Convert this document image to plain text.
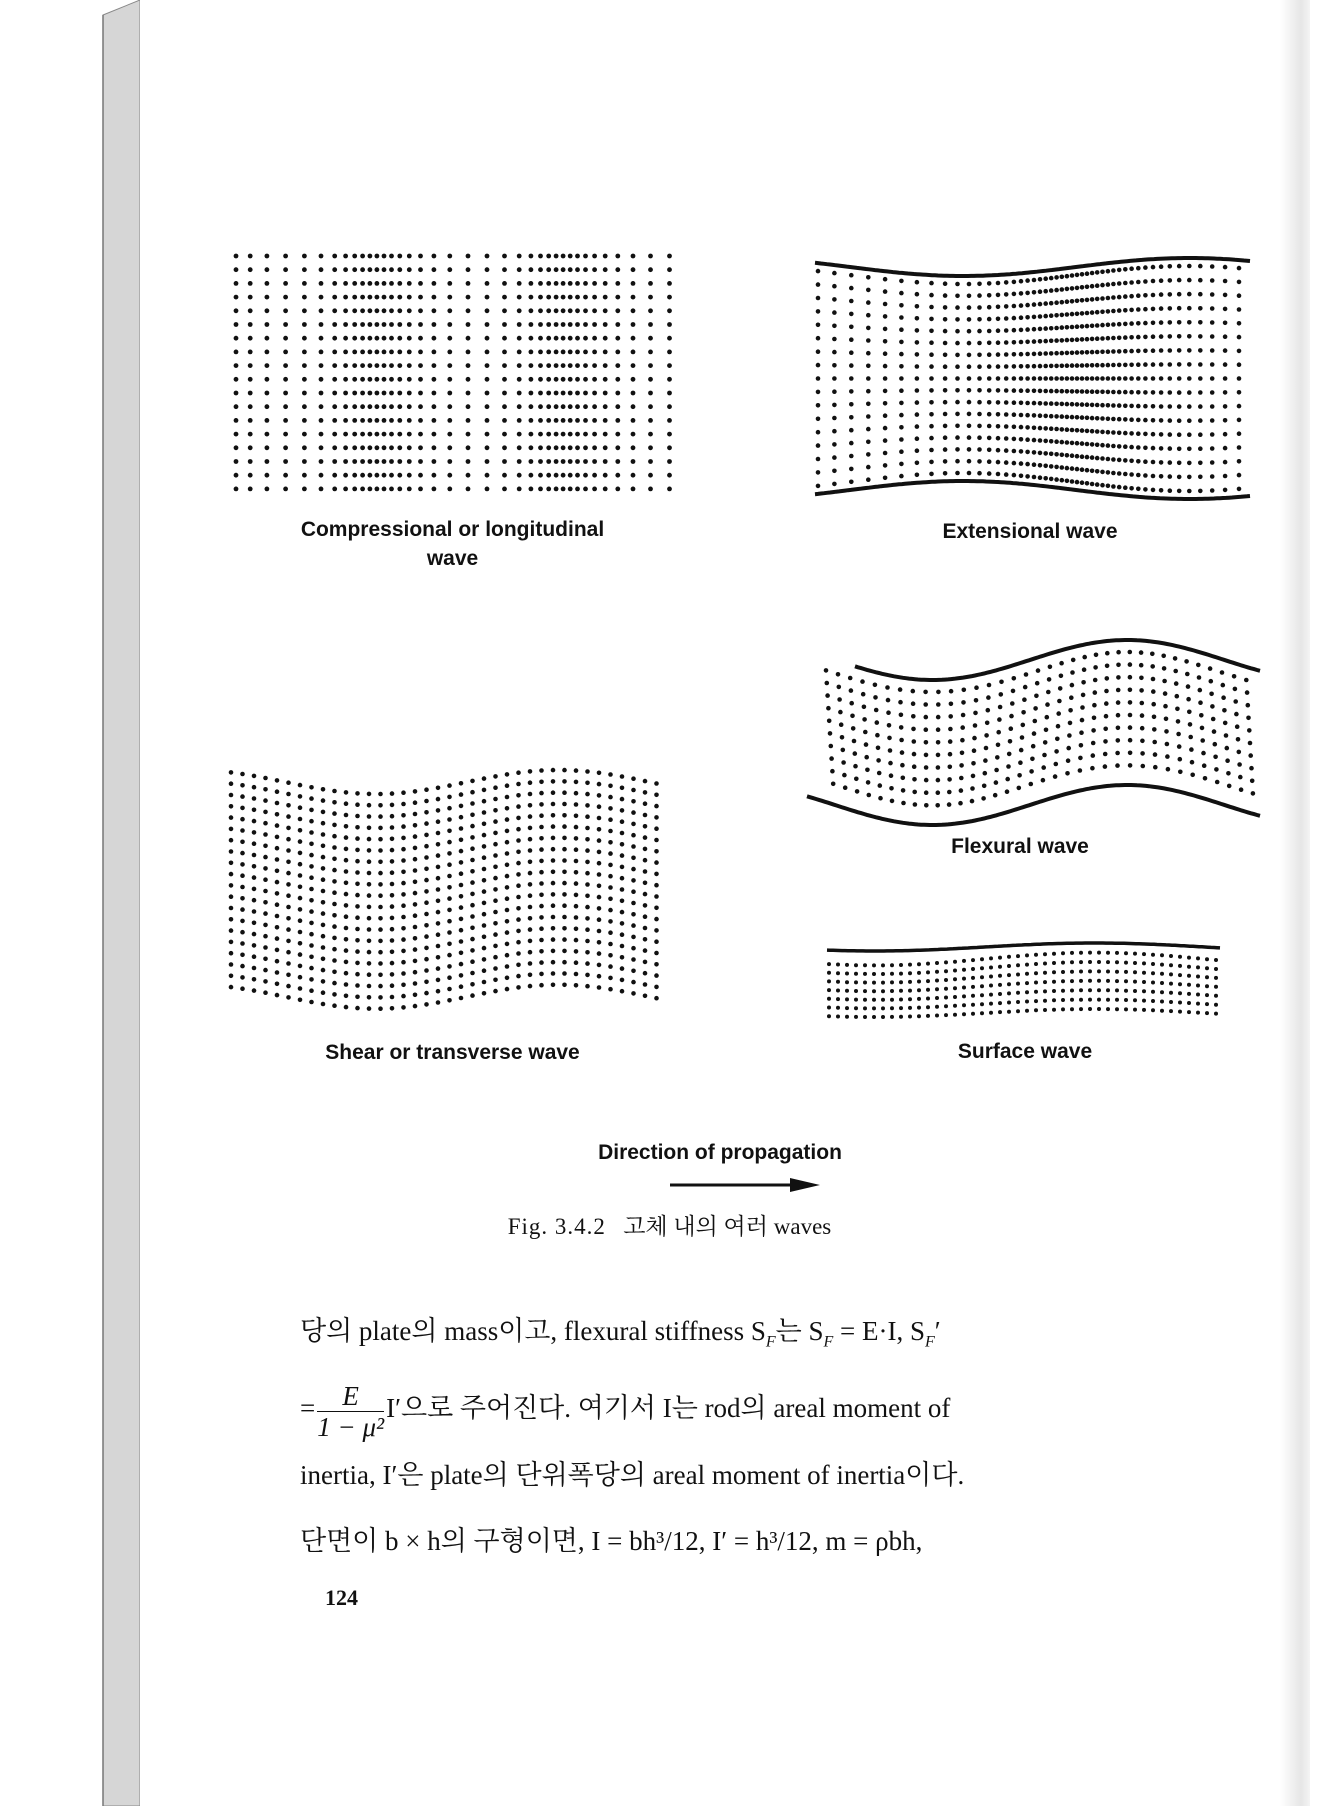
Compressional or longitudinal wave
Extensional wave
Flexural wave
Shear or transverse wave	Surface wave
Direction of propagation
Fig. 3.4.2 고체 내의 여러 waves

당의 plate의 mass이고, flexural stiffness $S_F$는 $S_F = E\cdot I$, $S_F'$

= $\frac{E}{\text{1 − μ²}} I'$으로 주어진다. 여기서 I는 rod의 areal moment of

inertia, I′은 plate의 단위폭당의 areal moment of inertia이다.

단면이 b × h의 구형이면, I = bh³/12, I′ = h³/12, m = ρbh,

124
